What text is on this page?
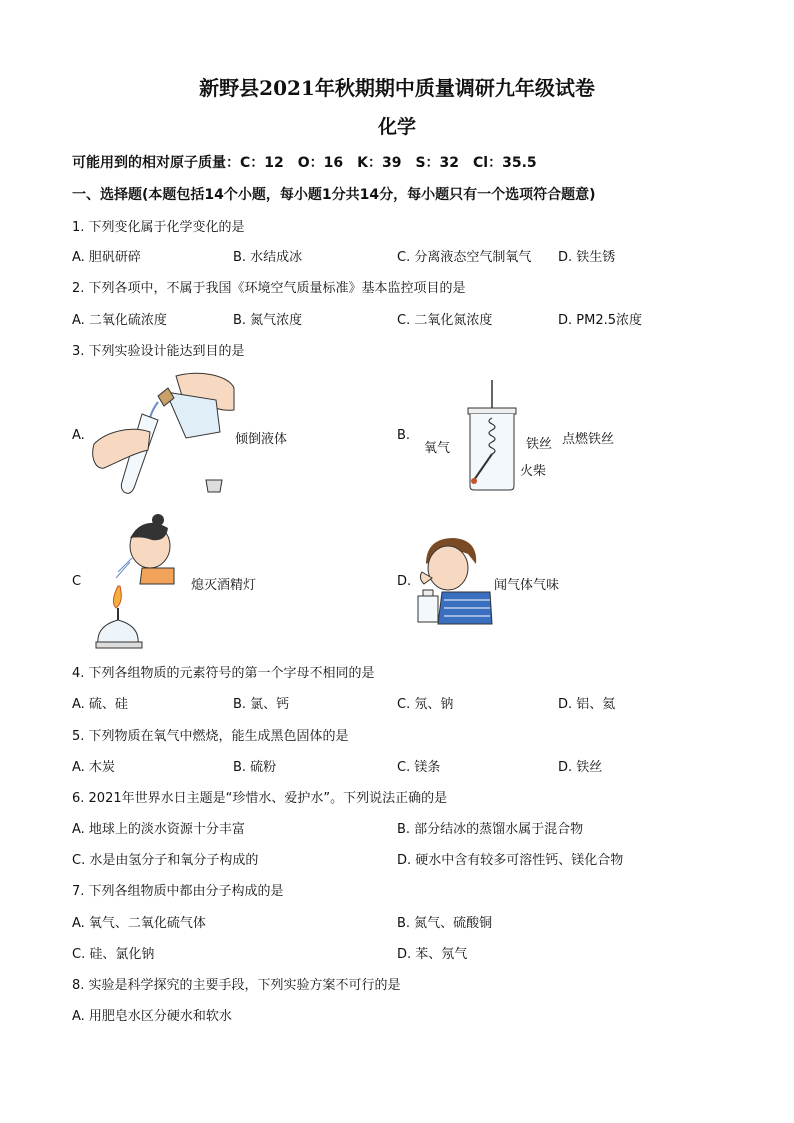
新野县2021年秋期期中质量调研九年级试卷
化学
可能用到的相对原子质量：C：12　O：16　K：39　S：32　Cl：35.5
一、选择题(本题包括14个小题，每小题1分共14分，每小题只有一个选项符合题意)
1. 下列变化属于化学变化的是
A. 胆矾研碎	B. 水结成冰	C. 分离液态空气制氧气 D. 铁生锈
2. 下列各项中，不属于我国《环境空气质量标准》基本监控项目的是
A. 二氧化硫浓度	B. 氮气浓度	C. 二氧化氮浓度	D. PM2.5浓度
3. 下列实验设计能达到目的是
A.	倾倒液体	B.
氧气	铁丝
火柴
点燃铁丝
C	熄灭酒精灯	D.	闻气体气味
4. 下列各组物质的元素符号的第一个字母不相同的是
A. 硫、硅	B. 氯、钙	C. 氖、钠	D. 铝、氦
5. 下列物质在氧气中燃烧，能生成黑色固体的是
A. 木炭	B. 硫粉	C. 镁条	D. 铁丝
6. 2021年世界水日主题是“珍惜水、爱护水”。下列说法正确的是
A. 地球上的淡水资源十分丰富	B. 部分结冰的蒸馏水属于混合物
C. 水是由氢分子和氧分子构成的	D. 硬水中含有较多可溶性钙、镁化合物
7. 下列各组物质中都由分子构成的是
A. 氧气、二氧化硫气体	B. 氮气、硫酸铜
C. 硅、氯化钠	D. 苯、氖气
8. 实验是科学探究的主要手段，下列实验方案不可行的是
A. 用肥皂水区分硬水和软水
